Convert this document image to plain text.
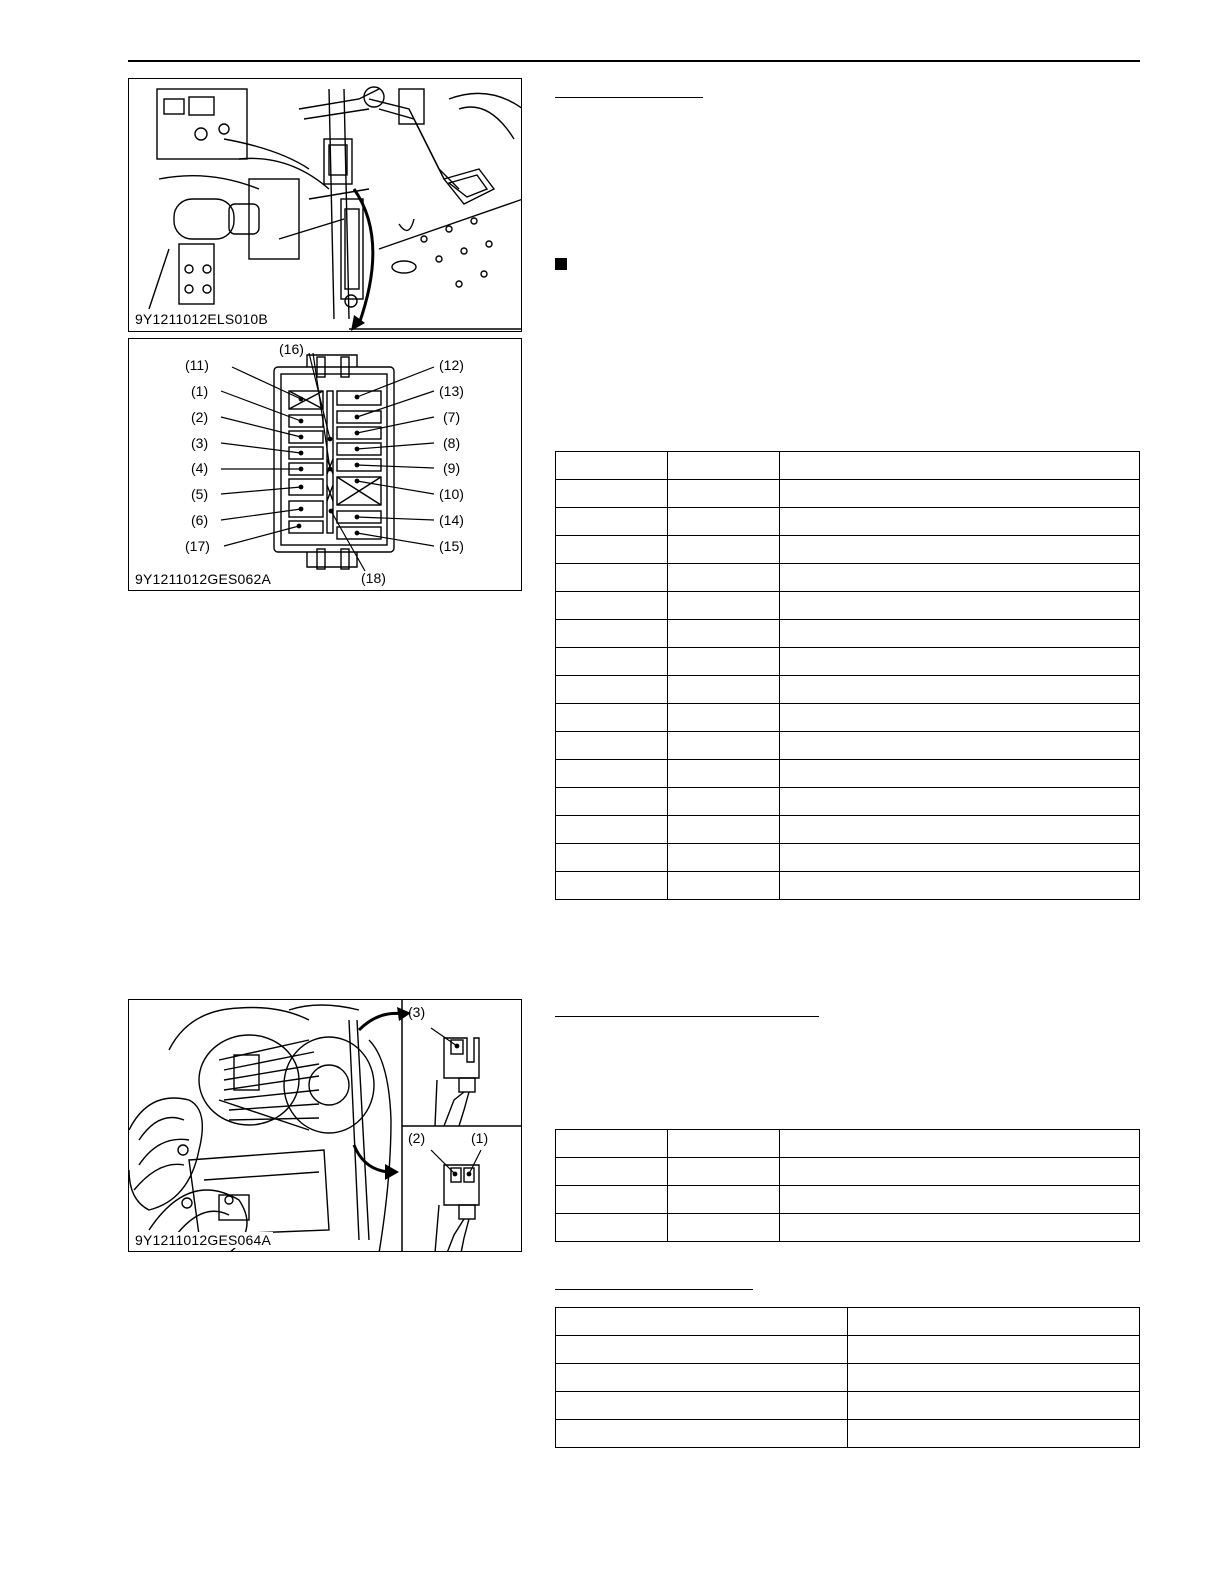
9Y1211012ELS010B
(11)
(1)
(2)
(3)
(4)
(5)
(6)
(17)
(12)
(13)
(7)
(8)
(9)
(10)
(14)
(15)
(16)
(18)
9Y1211012GES062A

(3)
(2)	(1)
9Y1211012GES064A
